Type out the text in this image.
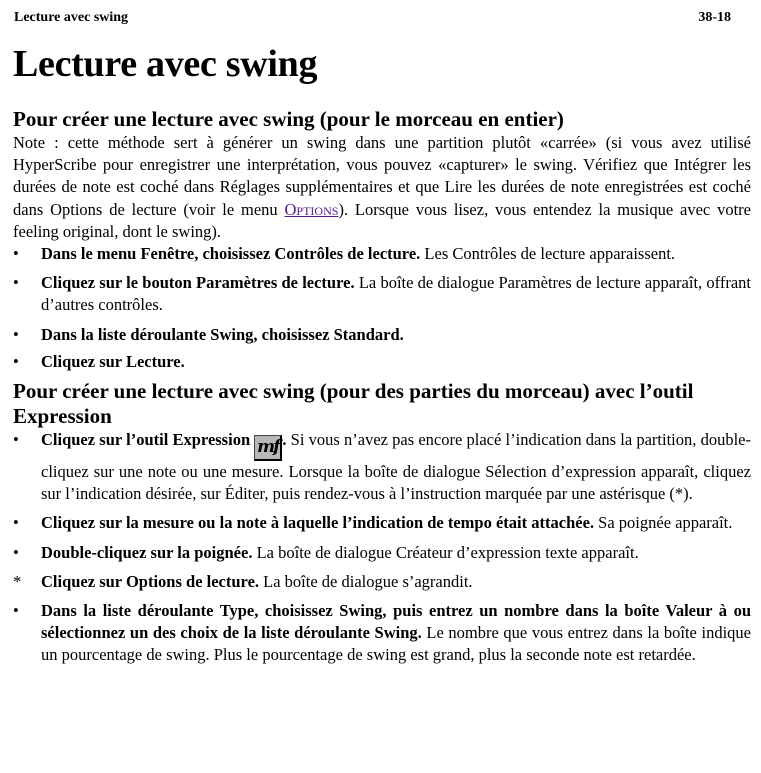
Lecture avec swing	38-18
Lecture avec swing
Pour créer une lecture avec swing (pour le morceau en entier)

Note : cette méthode sert à générer un swing dans une partition plutôt «carrée» (si vous avez utilisé HyperScribe pour enregistrer une interprétation, vous pouvez «capturer» le swing. Vérifiez que Intégrer les durées de note est coché dans Réglages supplémentaires et que Lire les durées de note enregistrées est coché dans Options de lecture (voir le menu Options). Lorsque vous lisez, vous entendez la musique avec votre feeling original, dont le swing).

•	Dans le menu Fenêtre, choisissez Contrôles de lecture. Les Contrôles de lecture apparaissent.
•	Cliquez sur le bouton Paramètres de lecture. La boîte de dialogue Paramètres de lecture apparaît, offrant d’autres contrôles.
•	Dans la liste déroulante Swing, choisissez Standard.
•	Cliquez sur Lecture.
Pour créer une lecture avec swing (pour des parties du morceau) avec l’outil Expression
•	Cliquez sur l’outil Expression mf . Si vous n’avez pas encore placé l’indication dans la partition, double-cliquez sur une note ou une mesure. Lorsque la boîte de dialogue Sélection d’expression apparaît, cliquez sur l’indication désirée, sur Éditer, puis rendez-vous à l’instruction marquée par une astérisque (*).
•	Cliquez sur la mesure ou la note à laquelle l’indication de tempo était attachée. Sa poignée apparaît.
•	Double-cliquez sur la poignée. La boîte de dialogue Créateur d’expression texte apparaît.
*	Cliquez sur Options de lecture. La boîte de dialogue s’agrandit.
•	Dans la liste déroulante Type, choisissez Swing, puis entrez un nombre dans la boîte Valeur à ou sélectionnez un des choix de la liste déroulante Swing. Le nombre que vous entrez dans la boîte indique un pourcentage de swing. Plus le pourcentage de swing est grand, plus la seconde note est retardée.
